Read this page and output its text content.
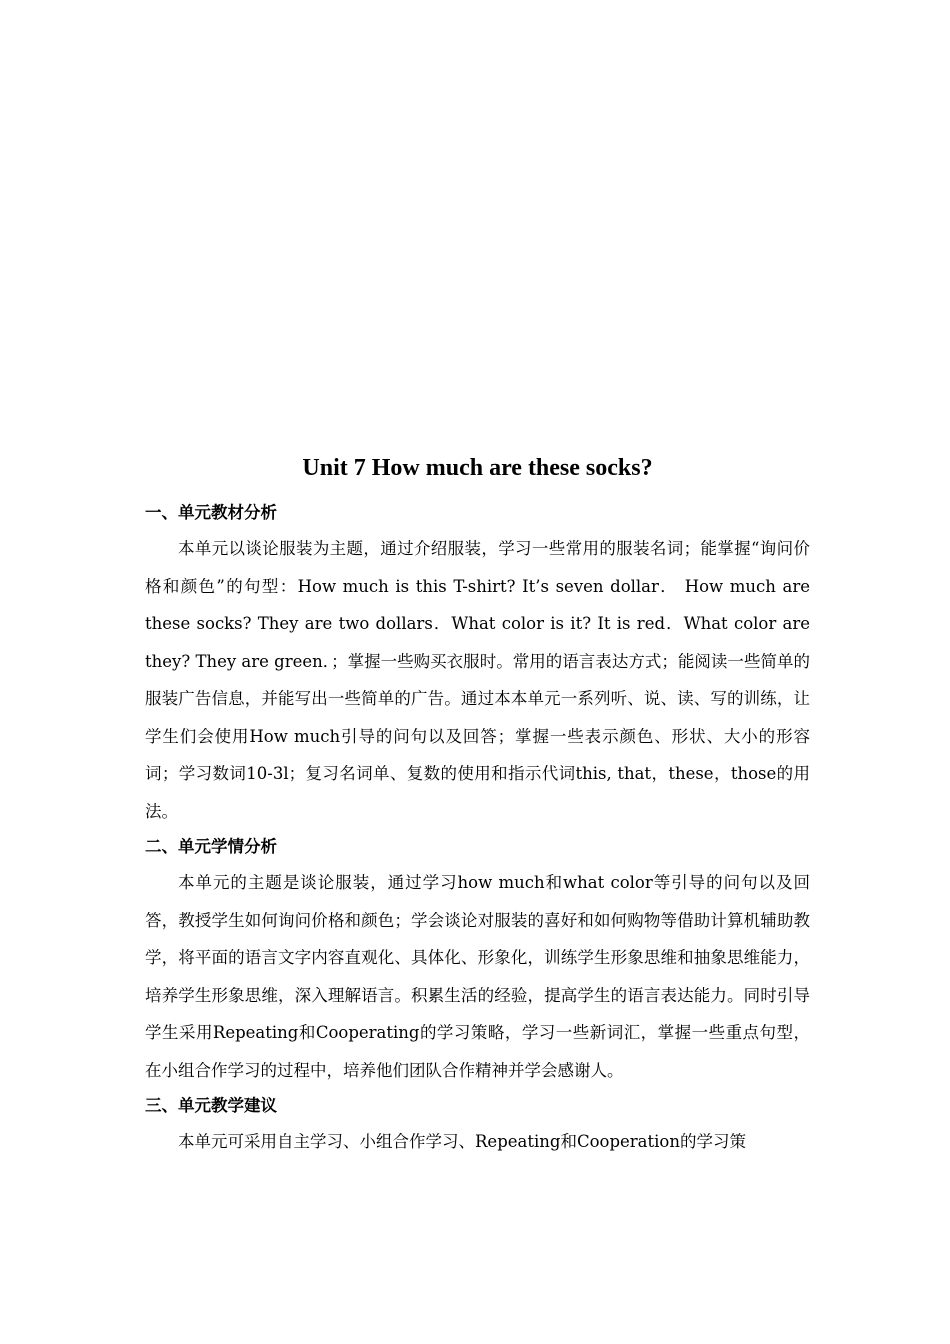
Unit 7 How much are these socks?
一、单元教材分析

本单元以谈论服装为主题，通过介绍服装，学习一些常用的服装名词；能掌握“询问价格和颜色”的句型：How much is this T-shirt? It’s seven dollar． How much are these socks? They are two dollars．What color is it? It is red．What color are they? They are green．；掌握一些购买衣服时。常用的语言表达方式；能阅读一些简单的服装广告信息，并能写出一些简单的广告。通过本本单元一系列听、说、读、写的训练，让学生们会使用How much引导的问句以及回答；掌握一些表示颜色、形状、大小的形容词；学习数词10-3l；复习名词单、复数的使用和指示代词this, that，these，those的用法。

二、单元学情分析

本单元的主题是谈论服装，通过学习how much和what color等引导的问句以及回答，教授学生如何询问价格和颜色；学会谈论对服装的喜好和如何购物等借助计算机辅助教学，将平面的语言文字内容直观化、具体化、形象化，训练学生形象思维和抽象思维能力，培养学生形象思维，深入理解语言。积累生活的经验，提高学生的语言表达能力。同时引导学生采用Repeating和Cooperating的学习策略，学习一些新词汇，掌握一些重点句型，在小组合作学习的过程中，培养他们团队合作精神并学会感谢人。

三、单元教学建议

本单元可采用自主学习、小组合作学习、Repeating和Cooperation的学习策
